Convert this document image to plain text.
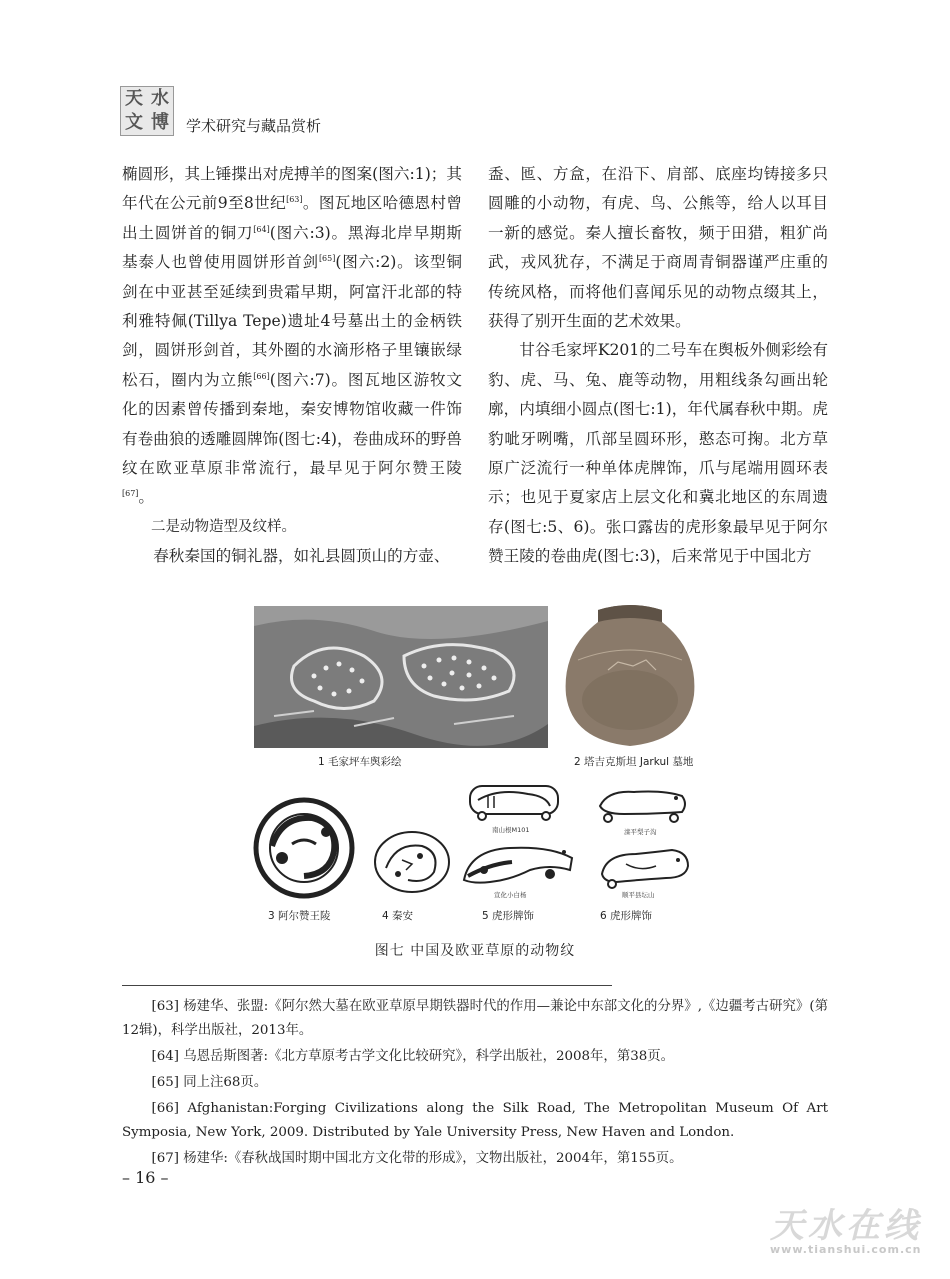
天 水
文 博 学术研究与藏品赏析

椭圆形，其上锤揲出对虎搏羊的图案(图六:1)；其年代在公元前9至8世纪[63]。图瓦地区哈德恩村曾出土圆饼首的铜刀[64](图六:3)。黑海北岸早期斯基泰人也曾使用圆饼形首剑[65](图六:2)。该型铜剑在中亚甚至延续到贵霜早期，阿富汗北部的特利雅特佩(Tillya Tepe)遗址4号墓出土的金柄铁剑，圆饼形剑首，其外圈的水滴形格子里镶嵌绿松石，圈内为立熊[66](图六:7)。图瓦地区游牧文化的因素曾传播到秦地，秦安博物馆收藏一件饰有卷曲狼的透雕圆牌饰(图七:4)，卷曲成环的野兽纹在欧亚草原非常流行，最早见于阿尔赞王陵[67]。

二是动物造型及纹样。

春秋秦国的铜礼器，如礼县圆顶山的方壶、

盉、匜、方盒，在沿下、肩部、底座均铸接多只圆雕的小动物，有虎、鸟、公熊等，给人以耳目一新的感觉。秦人擅长畜牧，频于田猎，粗犷尚武，戎风犹存，不满足于商周青铜器谨严庄重的传统风格，而将他们喜闻乐见的动物点缀其上，获得了别开生面的艺术效果。

甘谷毛家坪K201的二号车在舆板外侧彩绘有豹、虎、马、兔、鹿等动物，用粗线条勾画出轮廓，内填细小圆点(图七:1)，年代属春秋中期。虎豹呲牙咧嘴，爪部呈圆环形，憨态可掬。北方草原广泛流行一种单体虎牌饰，爪与尾端用圆环表示；也见于夏家店上层文化和冀北地区的东周遗存(图七:5、6)。张口露齿的虎形象最早见于阿尔赞王陵的卷曲虎(图七:3)，后来常见于中国北方

1 毛家坪车舆彩绘	2 塔吉克斯坦 Jarkul 墓地
3 阿尔赞王陵	4 秦安
南山根M101
宣化小白杨
5 虎形牌饰
滦平梨子沟
顺平县坛山
6 虎形牌饰
图七 中国及欧亚草原的动物纹

[63] 杨建华、张盟:《阿尔然大墓在欧亚草原早期铁器时代的作用—兼论中东部文化的分界》,《边疆考古研究》(第12辑)，科学出版社，2013年。

[64] 乌恩岳斯图著:《北方草原考古学文化比较研究》，科学出版社，2008年，第38页。

[65] 同上注68页。

[66] Afghanistan:Forging Civilizations along the Silk Road, The Metropolitan Museum Of Art Symposia, New York, 2009. Distributed by Yale University Press, New Haven and London.

[67] 杨建华:《春秋战国时期中国北方文化带的形成》，文物出版社，2004年，第155页。

– 16 –
天水在线
www.tianshui.com.cn
